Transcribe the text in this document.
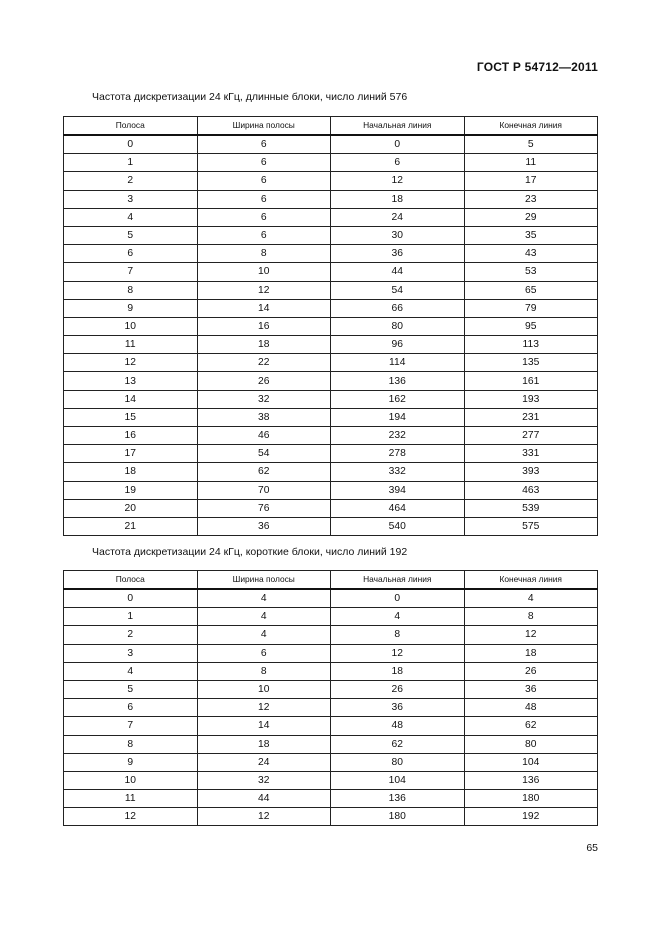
ГОСТ Р 54712—2011
Частота дискретизации 24 кГц, длинные блоки, число линий 576
Полоса	Ширина полосы	Начальная линия	Конечная линия
0	6	0	5
1	6	6	11
2	6	12	17
3	6	18	23
4	6	24	29
5	6	30	35
6	8	36	43
7	10	44	53
8	12	54	65
9	14	66	79
10	16	80	95
11	18	96	113
12	22	114	135
13	26	136	161
14	32	162	193
15	38	194	231
16	46	232	277
17	54	278	331
18	62	332	393
19	70	394	463
20	76	464	539
21	36	540	575
Частота дискретизации 24 кГц, короткие блоки, число линий 192
Полоса	Ширина полосы	Начальная линия	Конечная линия
0	4	0	4
1	4	4	8
2	4	8	12
3	6	12	18
4	8	18	26
5	10	26	36
6	12	36	48
7	14	48	62
8	18	62	80
9	24	80	104
10	32	104	136
11	44	136	180
12	12	180	192
65
